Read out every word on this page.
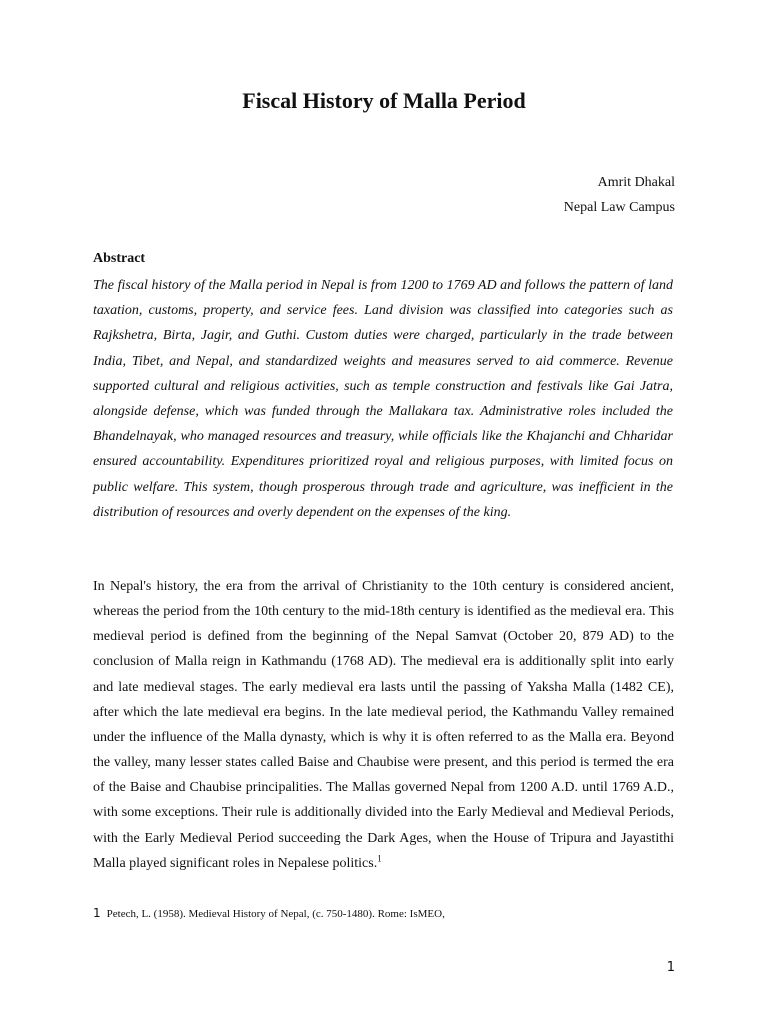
Fiscal History of Malla Period
Amrit Dhakal
Nepal Law Campus
Abstract

The fiscal history of the Malla period in Nepal is from 1200 to 1769 AD and follows the pattern of land taxation, customs, property, and service fees. Land division was classified into categories such as Rajkshetra, Birta, Jagir, and Guthi. Custom duties were charged, particularly in the trade between India, Tibet, and Nepal, and standardized weights and measures served to aid commerce. Revenue supported cultural and religious activities, such as temple construction and festivals like Gai Jatra, alongside defense, which was funded through the Mallakara tax. Administrative roles included the Bhandelnayak, who managed resources and treasury, while officials like the Khajanchi and Chharidar ensured accountability. Expenditures prioritized royal and religious purposes, with limited focus on public welfare. This system, though prosperous through trade and agriculture, was inefficient in the distribution of resources and overly dependent on the expenses of the king.

In Nepal's history, the era from the arrival of Christianity to the 10th century is considered ancient, whereas the period from the 10th century to the mid-18th century is identified as the medieval era. This medieval period is defined from the beginning of the Nepal Samvat (October 20, 879 AD) to the conclusion of Malla reign in Kathmandu (1768 AD). The medieval era is additionally split into early and late medieval stages. The early medieval era lasts until the passing of Yaksha Malla (1482 CE), after which the late medieval era begins. In the late medieval period, the Kathmandu Valley remained under the influence of the Malla dynasty, which is why it is often referred to as the Malla era. Beyond the valley, many lesser states called Baise and Chaubise were present, and this period is termed the era of the Baise and Chaubise principalities. The Mallas governed Nepal from 1200 A.D. until 1769 A.D., with some exceptions. Their rule is additionally divided into the Early Medieval and Medieval Periods, with the Early Medieval Period succeeding the Dark Ages, when the House of Tripura and Jayastithi Malla played significant roles in Nepalese politics.$^1$

1 Petech, L. (1958). Medieval History of Nepal, (c. 750-1480). Rome: IsMEO,
1
